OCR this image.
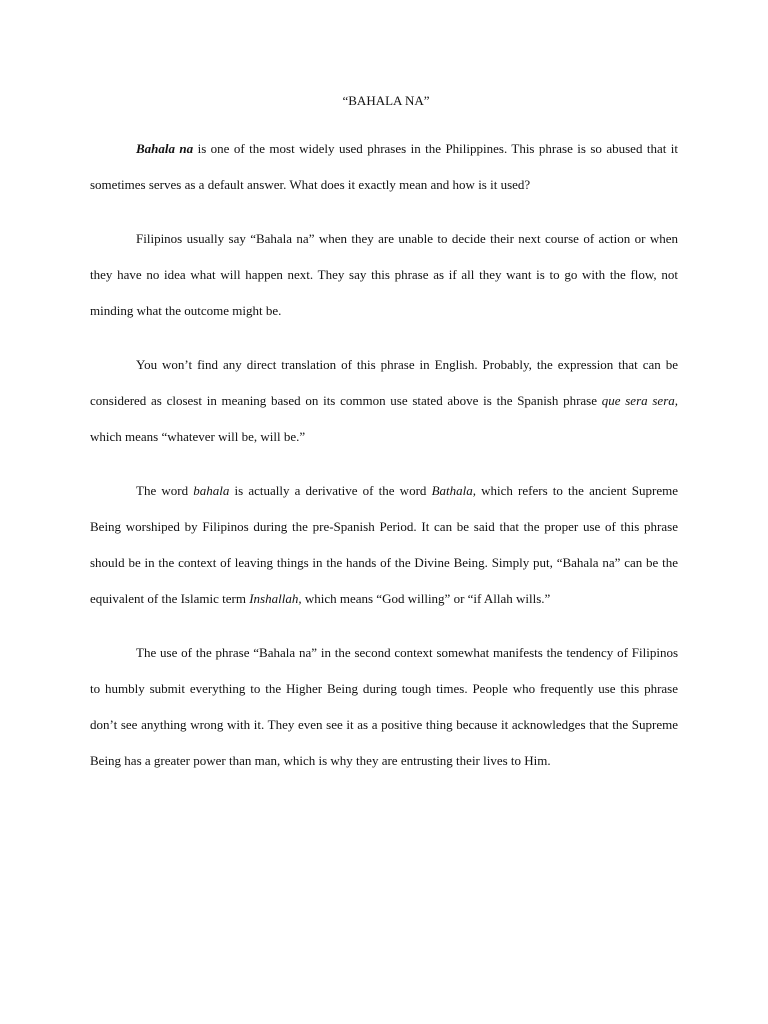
“BAHALA NA”

Bahala na is one of the most widely used phrases in the Philippines. This phrase is so abused that it sometimes serves as a default answer. What does it exactly mean and how is it used?

Filipinos usually say “Bahala na” when they are unable to decide their next course of action or when they have no idea what will happen next. They say this phrase as if all they want is to go with the flow, not minding what the outcome might be.

You won’t find any direct translation of this phrase in English. Probably, the expression that can be considered as closest in meaning based on its common use stated above is the Spanish phrase que sera sera, which means “whatever will be, will be.”

The word bahala is actually a derivative of the word Bathala, which refers to the ancient Supreme Being worshiped by Filipinos during the pre-Spanish Period. It can be said that the proper use of this phrase should be in the context of leaving things in the hands of the Divine Being. Simply put, “Bahala na” can be the equivalent of the Islamic term Inshallah, which means “God willing” or “if Allah wills.”

The use of the phrase “Bahala na” in the second context somewhat manifests the tendency of Filipinos to humbly submit everything to the Higher Being during tough times. People who frequently use this phrase don’t see anything wrong with it. They even see it as a positive thing because it acknowledges that the Supreme Being has a greater power than man, which is why they are entrusting their lives to Him.
